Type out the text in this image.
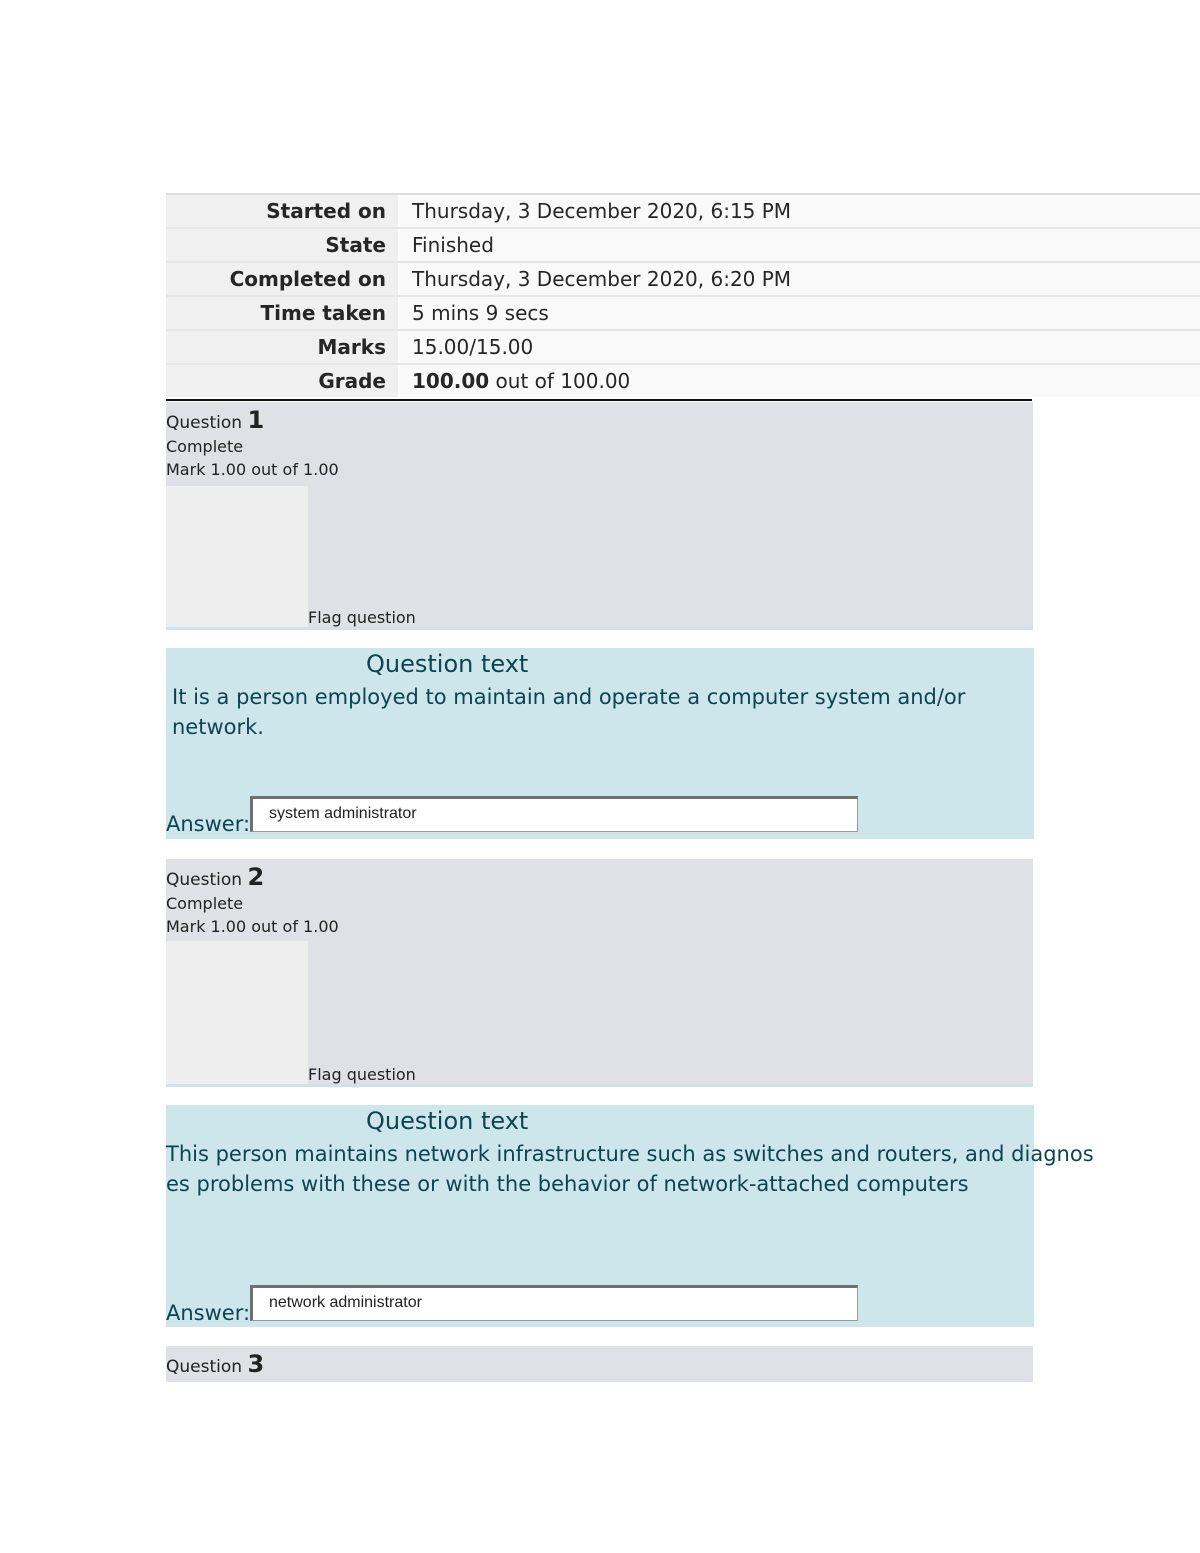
Started on	Thursday, 3 December 2020, 6:15 PM
State	Finished
Completed on	Thursday, 3 December 2020, 6:20 PM
Time taken	5 mins 9 secs
Marks	15.00/15.00
Grade	100.00 out of 100.00
Question 1
Complete
Mark 1.00 out of 1.00
Flag question
Question text
It is a person employed to maintain and operate a computer system and/or network.
Answer:	system administrator
Question 2
Complete
Mark 1.00 out of 1.00
Flag question
Question text
This person maintains network infrastructure such as switches and routers, and diagnos
es problems with these or with the behavior of network-attached computers
Answer:	network administrator
Question 3
